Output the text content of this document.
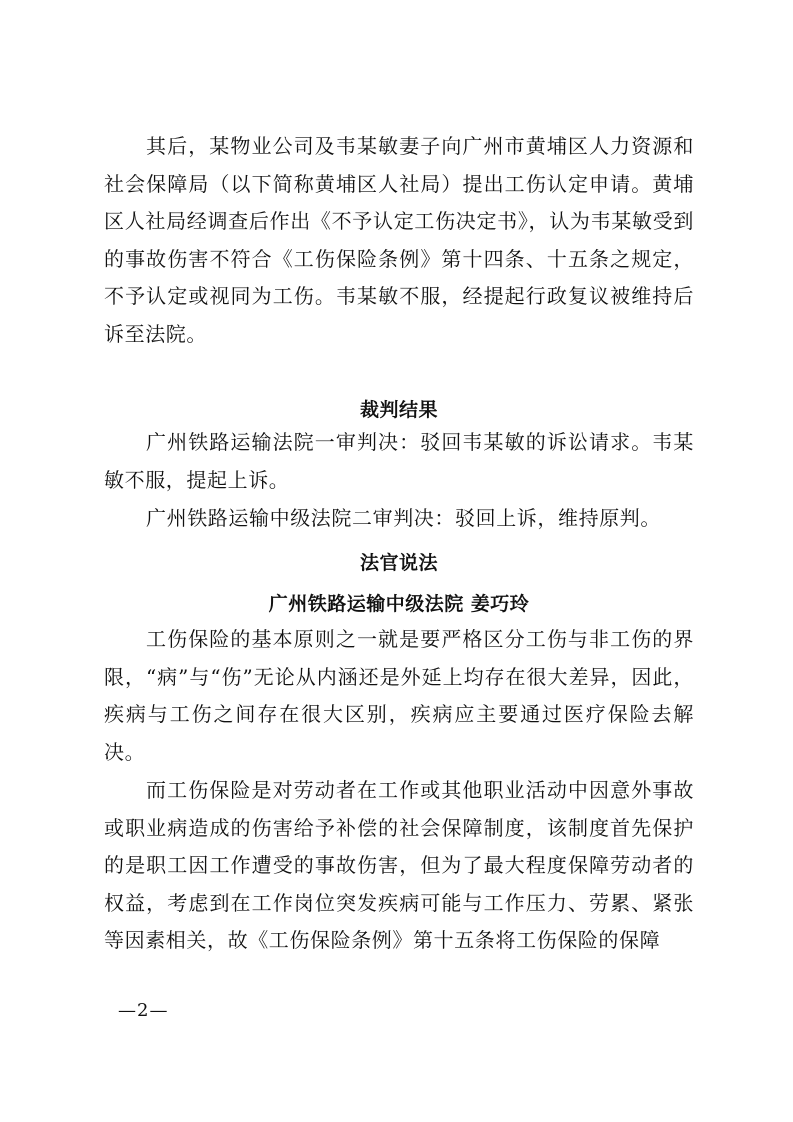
其后，某物业公司及韦某敏妻子向广州市黄埔区人力资源和社会保障局（以下简称黄埔区人社局）提出工伤认定申请。黄埔区人社局经调查后作出《不予认定工伤决定书》，认为韦某敏受到的事故伤害不符合《工伤保险条例》第十四条、十五条之规定，不予认定或视同为工伤。韦某敏不服，经提起行政复议被维持后诉至法院。

裁判结果

广州铁路运输法院一审判决：驳回韦某敏的诉讼请求。韦某敏不服，提起上诉。

广州铁路运输中级法院二审判决：驳回上诉，维持原判。

法官说法
广州铁路运输中级法院 姜巧玲

工伤保险的基本原则之一就是要严格区分工伤与非工伤的界限，“病”与“伤”无论从内涵还是外延上均存在很大差异，因此，疾病与工伤之间存在很大区别，疾病应主要通过医疗保险去解决。

而工伤保险是对劳动者在工作或其他职业活动中因意外事故或职业病造成的伤害给予补偿的社会保障制度，该制度首先保护的是职工因工作遭受的事故伤害，但为了最大程度保障劳动者的权益，考虑到在工作岗位突发疾病可能与工作压力、劳累、紧张等因素相关，故《工伤保险条例》第十五条将工伤保险的保障

—2—
